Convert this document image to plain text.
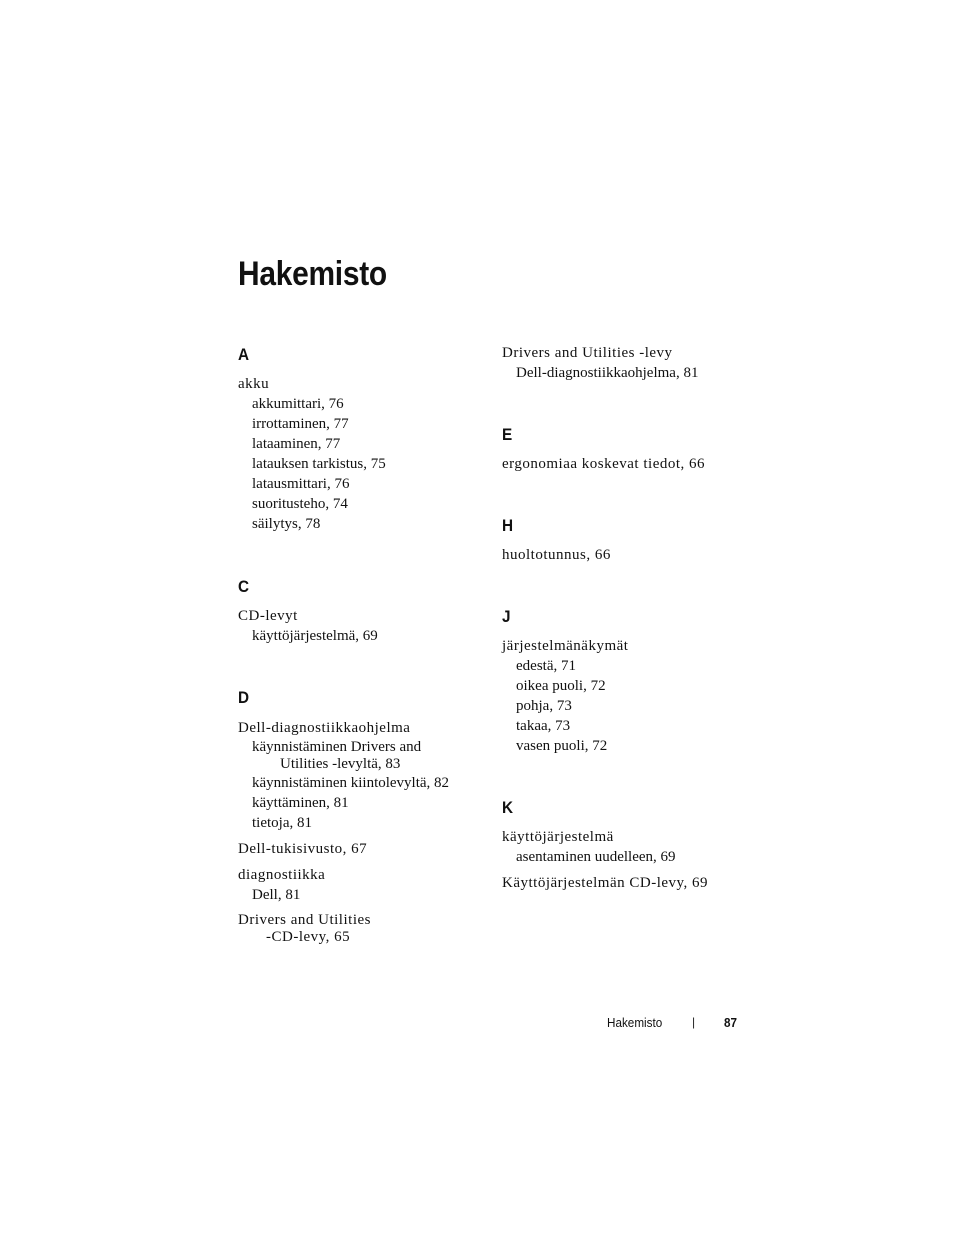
Hakemisto
A
akku
akkumittari, 76
irrottaminen, 77
lataaminen, 77
latauksen tarkistus, 75
latausmittari, 76
suoritusteho, 74
säilytys, 78
C
CD-levyt
käyttöjärjestelmä, 69
D
Dell-diagnostiikkaohjelma
käynnistäminen Drivers and
Utilities -levyltä, 83
käynnistäminen kiintolevyltä, 82
käyttäminen, 81
tietoja, 81
Dell-tukisivusto, 67
diagnostiikka
Dell, 81
Drivers and Utilities
-CD-levy, 65
Drivers and Utilities -levy
Dell-diagnostiikkaohjelma, 81
E
ergonomiaa koskevat tiedot, 66
H
huoltotunnus, 66
J
järjestelmänäkymät
edestä, 71
oikea puoli, 72
pohja, 73
takaa, 73
vasen puoli, 72
K
käyttöjärjestelmä
asentaminen uudelleen, 69
Käyttöjärjestelmän CD-levy, 69
Hakemisto | 87
